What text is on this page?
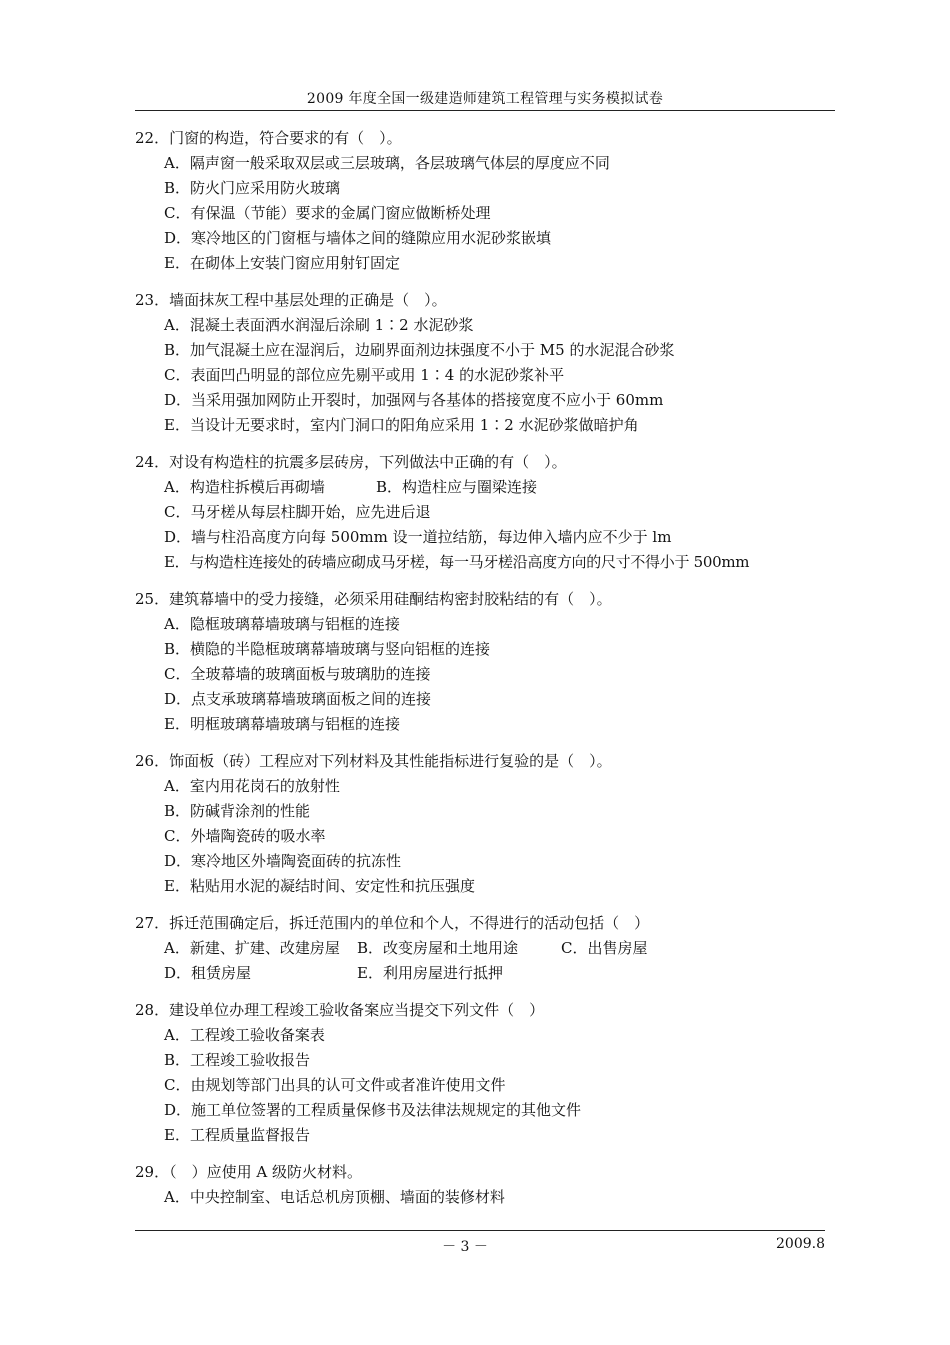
2009 年度全国一级建造师建筑工程管理与实务模拟试卷
22．门窗的构造，符合要求的有（　）。
A．隔声窗一般采取双层或三层玻璃，各层玻璃气体层的厚度应不同
B．防火门应采用防火玻璃
C．有保温（节能）要求的金属门窗应做断桥处理
D．寒冷地区的门窗框与墙体之间的缝隙应用水泥砂浆嵌填
E．在砌体上安装门窗应用射钉固定
23．墙面抹灰工程中基层处理的正确是（　）。
A．混凝土表面洒水润湿后涂刷 1∶2 水泥砂浆
B．加气混凝土应在湿润后，边刷界面剂边抹强度不小于 M5 的水泥混合砂浆
C．表面凹凸明显的部位应先剔平或用 1∶4 的水泥砂浆补平
D．当采用强加网防止开裂时，加强网与各基体的搭接宽度不应小于 60mm
E．当设计无要求时，室内门洞口的阳角应采用 1∶2 水泥砂浆做暗护角
24．对设有构造柱的抗震多层砖房，下列做法中正确的有（　）。
A．构造柱拆模后再砌墙	B．构造柱应与圈梁连接
C．马牙槎从每层柱脚开始，应先进后退
D．墙与柱沿高度方向每 500mm 设一道拉结筋，每边伸入墙内应不少于 lm
E．与构造柱连接处的砖墙应砌成马牙槎，每一马牙槎沿高度方向的尺寸不得小于 500mm
25．建筑幕墙中的受力接缝，必须采用硅酮结构密封胶粘结的有（　）。
A．隐框玻璃幕墙玻璃与铝框的连接
B．横隐的半隐框玻璃幕墙玻璃与竖向铝框的连接
C．全玻幕墙的玻璃面板与玻璃肋的连接
D．点支承玻璃幕墙玻璃面板之间的连接
E．明框玻璃幕墙玻璃与铝框的连接
26．饰面板（砖）工程应对下列材料及其性能指标进行复验的是（　）。
A．室内用花岗石的放射性
B．防碱背涂剂的性能
C．外墙陶瓷砖的吸水率
D．寒冷地区外墙陶瓷面砖的抗冻性
E．粘贴用水泥的凝结时间、安定性和抗压强度
27．拆迁范围确定后，拆迁范围内的单位和个人，不得进行的活动包括（　）
A．新建、扩建、改建房屋 B．改变房屋和土地用途	C．出售房屋
D．租赁房屋	E．利用房屋进行抵押
28．建设单位办理工程竣工验收备案应当提交下列文件（　）
A．工程竣工验收备案表
B．工程竣工验收报告
C．由规划等部门出具的认可文件或者准许使用文件
D．施工单位签署的工程质量保修书及法律法规规定的其他文件
E．工程质量监督报告
29．（　）应使用 A 级防火材料。
A．中央控制室、电话总机房顶棚、墙面的装修材料
－ 3 －	2009.8
